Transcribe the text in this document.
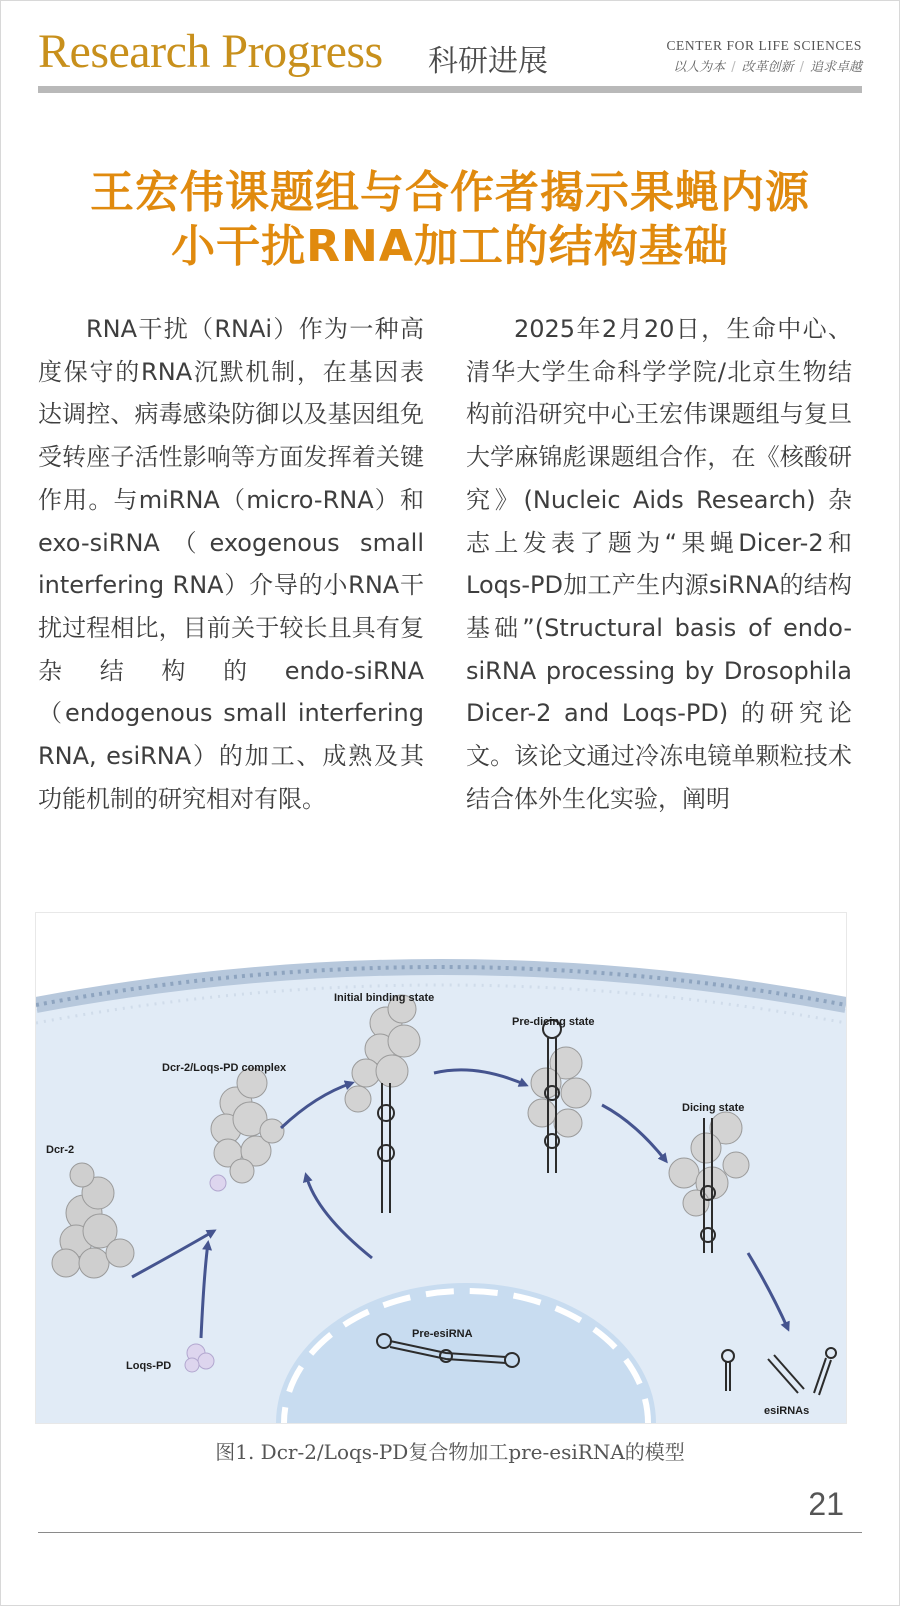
Research Progress 科研进展	CENTER FOR LIFE SCIENCES
以人为本 / 改革创新 / 追求卓越
王宏伟课题组与合作者揭示果蝇内源
小干扰RNA加工的结构基础

RNA干扰（RNAi）作为一种高度保守的RNA沉默机制，在基因表达调控、病毒感染防御以及基因组免受转座子活性影响等方面发挥着关键作用。与miRNA（micro-RNA）和exo-siRNA（exogenous small interfering RNA）介导的小RNA干扰过程相比，目前关于较长且具有复杂结构的endo-siRNA（endogenous small interfering RNA, esiRNA）的加工、成熟及其功能机制的研究相对有限。

2025年2月20日，生命中心、清华大学生命科学学院/北京生物结构前沿研究中心王宏伟课题组与复旦大学麻锦彪课题组合作，在《核酸研究》(Nucleic Aids Research) 杂志上发表了题为“果蝇Dicer-2和Loqs-PD加工产生内源siRNA的结构基础”(Structural basis of endo-siRNA processing by Drosophila Dicer-2 and Loqs-PD) 的研究论文。该论文通过冷冻电镜单颗粒技术结合体外生化实验，阐明

Dcr-2
Dcr-2/Loqs-PD complex
Initial binding state
Pre-dicing state
Dicing state
Loqs-PD
Pre-esiRNA
esiRNAs
图1. Dcr-2/Loqs-PD复合物加工pre-esiRNA的模型
21
